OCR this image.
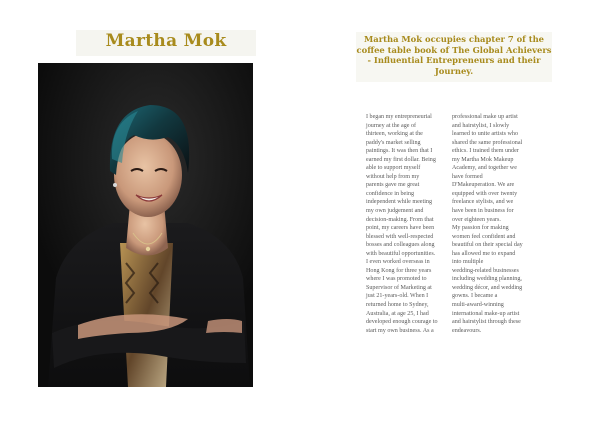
Martha Mok	Martha Mok occupies chapter 7 of the coffee table book of The Global Achievers - Influential Entrepreneurs and their Journey.
I began my entrepreneurial
journey at the age of
thirteen, working at the
paddy's market selling
paintings. It was then that I
earned my first dollar. Being
able to support myself
without help from my
parents gave me great
confidence in being
independent while meeting
my own judgement and
decision-making. From that
point, my careers have been
blessed with well-respected
bosses and colleagues along
with beautiful opportunities.
I even worked overseas in
Hong Kong for three years
where I was promoted to
Supervisor of Marketing at
just 21-years-old. When I
returned home to Sydney,
Australia, at age 25, I had
developed enough courage to
start my own business. As a
professional make up artist
and hairstylist, I slowly
learned to unite artists who
shared the same professional
ethics. I trained them under
my Martha Mok Makeup
Academy, and together we
have formed
D'Makeuperation. We are
equipped with over twenty
freelance stylists, and we
have been in business for
over eighteen years.
My passion for making
women feel confident and
beautiful on their special day
has allowed me to expand
into multiple
wedding-related businesses
including wedding planning,
wedding décor, and wedding
gowns. I became a
multi-award-winning
international make-up artist
and hairstylist through these
endeavours.
